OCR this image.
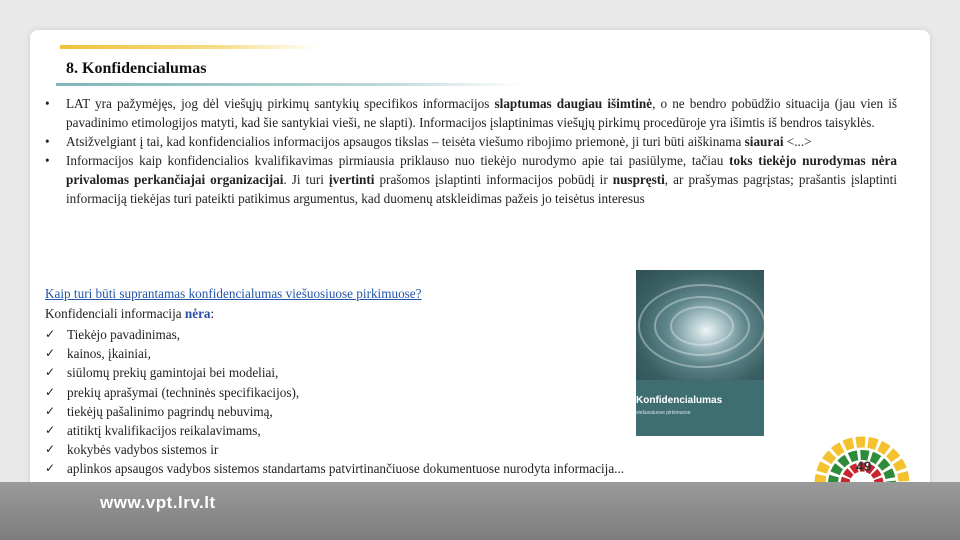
8. Konfidencialumas
• LAT yra pažymėjęs, jog dėl viešųjų pirkimų santykių specifikos informacijos slaptumas daugiau išimtinė, o ne bendro pobūdžio situacija (jau vien iš pavadinimo etimologijos matyti, kad šie santykiai vieši, ne slapti). Informacijos įslaptinimas viešųjų pirkimų procedūroje yra išimtis iš bendros taisyklės.
• Atsižvelgiant į tai, kad konfidencialios informacijos apsaugos tikslas – teisėta viešumo ribojimo priemonė, ji turi būti aiškinama siaurai <...>
• Informacijos kaip konfidencialios kvalifikavimas pirmiausia priklauso nuo tiekėjo nurodymo apie tai pasiūlyme, tačiau toks tiekėjo nurodymas nėra privalomas perkančiajai organizacijai. Ji turi įvertinti prašomos įslaptinti informacijos pobūdį ir nuspręsti, ar prašymas pagrįstas; prašantis įslaptinti informaciją tiekėjas turi pateikti patikimus argumentus, kad duomenų atskleidimas pažeis jo teisėtus interesus
Kaip turi būti suprantamas konfidencialumas viešuosiuose pirkimuose?
Konfidenciali informacija nėra:
✓ Tiekėjo pavadinimas,
✓ kainos, įkainiai,
✓ siūlomų prekių gamintojai bei modeliai,
✓ prekių aprašymai (techninės specifikacijos),
✓ tiekėjų pašalinimo pagrindų nebuvimą,
✓ atitiktį kvalifikacijos reikalavimams,
✓ kokybės vadybos sistemos ir
✓ aplinkos apsaugos vadybos sistemos standartams patvirtinančiuose dokumentuose nurodyta informacija...
Konfidencialumas
viešuosiuose pirkimuose
49
www.vpt.lrv.lt
